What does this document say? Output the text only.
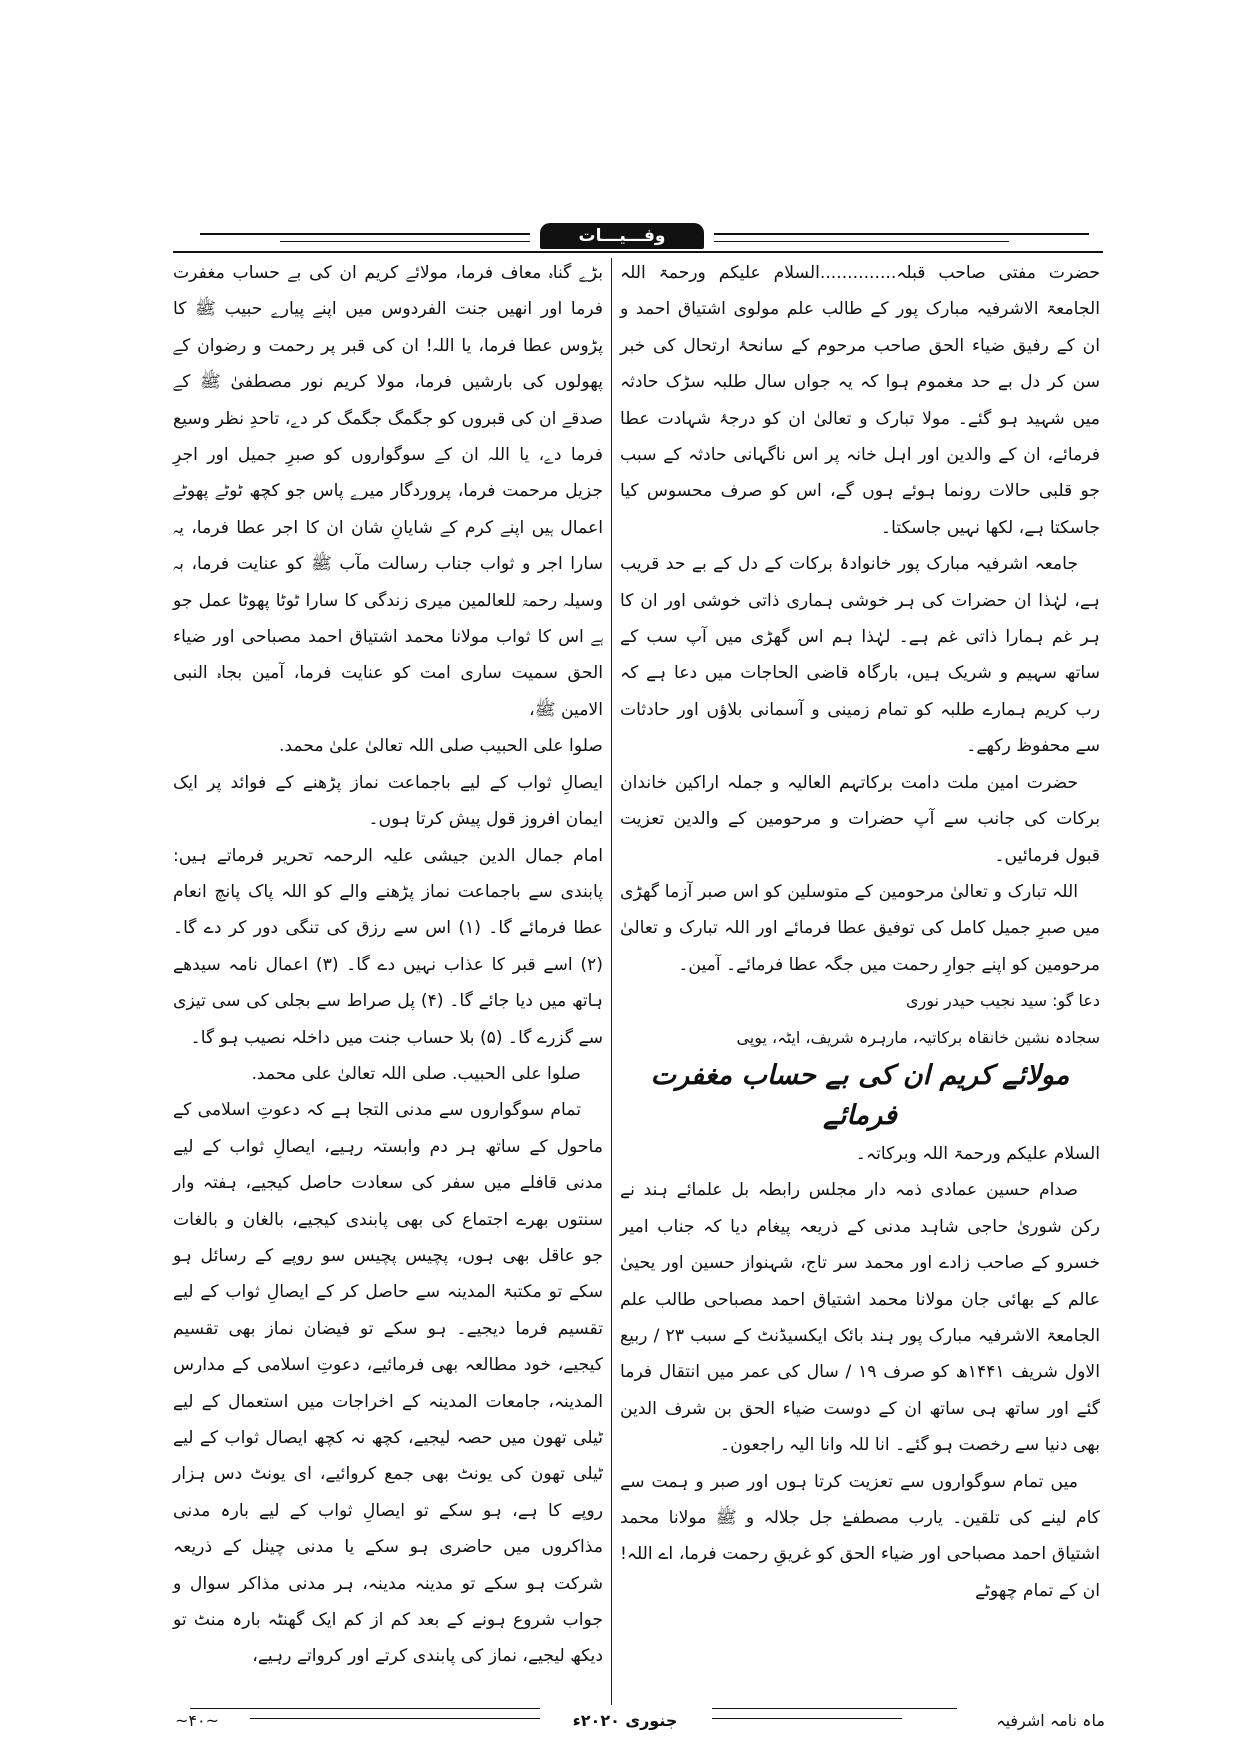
وفـــیـــات

حضرت مفتی صاحب قبلہ..............السلام علیکم ورحمۃ اللہ الجامعۃ الاشرفیہ مبارک پور کے طالب علم مولوی اشتیاق احمد و ان کے رفیق ضیاء الحق صاحب مرحوم کے سانحۂ ارتحال کی خبر سن کر دل بے حد مغموم ہوا کہ یہ جواں سال طلبہ سڑک حادثہ میں شہید ہو گئے۔ مولا تبارک و تعالیٰ ان کو درجۂ شہادت عطا فرمائے، ان کے والدین اور اہل خانہ پر اس ناگہانی حادثہ کے سبب جو قلبی حالات رونما ہوئے ہوں گے، اس کو صرف محسوس کیا جاسکتا ہے، لکھا نہیں جاسکتا۔

جامعہ اشرفیہ مبارک پور خانوادۂ برکات کے دل کے بے حد قریب ہے، لہٰذا ان حضرات کی ہر خوشی ہماری ذاتی خوشی اور ان کا ہر غم ہمارا ذاتی غم ہے۔ لہٰذا ہم اس گھڑی میں آپ سب کے ساتھ سہیم و شریک ہیں، بارگاہ قاضی الحاجات میں دعا ہے کہ رب کریم ہمارے طلبہ کو تمام زمینی و آسمانی بلاؤں اور حادثات سے محفوظ رکھے۔

حضرت امین ملت دامت برکاتہم العالیہ و جملہ اراکین خاندان برکات کی جانب سے آپ حضرات و مرحومین کے والدین تعزیت قبول فرمائیں۔

اللہ تبارک و تعالیٰ مرحومین کے متوسلین کو اس صبر آزما گھڑی میں صبرِ جمیل کامل کی توفیق عطا فرمائے اور اللہ تبارک و تعالیٰ مرحومین کو اپنے جوارِ رحمت میں جگہ عطا فرمائے۔ آمین۔

دعا گو: سید نجیب حیدر نوری

سجادہ نشین خانقاہ برکاتیہ، مارہرہ شریف، ایٹہ، یوپی

مولائے کریم ان کی بے حساب مغفرت فرمائے

السلام علیکم ورحمۃ اللہ وبرکاتہ۔

صدام حسین عمادی ذمہ دار مجلس رابطہ بل علمائے ہند نے رکن شوریٰ حاجی شاہد مدنی کے ذریعہ پیغام دیا کہ جناب امیر خسرو کے صاحب زادے اور محمد سر تاج، شہنواز حسین اور یحییٰ عالم کے بھائی جان مولانا محمد اشتیاق احمد مصباحی طالب علم الجامعۃ الاشرفیہ مبارک پور ہند بائک ایکسیڈنٹ کے سبب ۲۳ / ربیع الاول شریف ۱۴۴۱ھ کو صرف ۱۹ / سال کی عمر میں انتقال فرما گئے اور ساتھ ہی ساتھ ان کے دوست ضیاء الحق بن شرف الدین بھی دنیا سے رخصت ہو گئے۔ انا للہ وانا الیہ راجعون۔

میں تمام سوگواروں سے تعزیت کرتا ہوں اور صبر و ہمت سے کام لینے کی تلقین۔ یارب مصطفےٰ جل جلالہ و ﷺ مولانا محمد اشتیاق احمد مصباحی اور ضیاء الحق کو غریقِ رحمت فرما، اے اللہ! ان کے تمام چھوٹے

بڑے گناہ معاف فرما، مولائے کریم ان کی بے حساب مغفرت فرما اور انھیں جنت الفردوس میں اپنے پیارے حبیب ﷺ کا پڑوس عطا فرما، یا اللہ! ان کی قبر پر رحمت و رضوان کے پھولوں کی بارشیں فرما، مولا کریم نور مصطفیٰ ﷺ کے صدقے ان کی قبروں کو جگمگ جگمگ کر دے، تاحدِ نظر وسیع فرما دے، یا اللہ ان کے سوگواروں کو صبرِ جمیل اور اجرِ جزیل مرحمت فرما، پروردگار میرے پاس جو کچھ ٹوٹے پھوٹے اعمال ہیں اپنے کرم کے شایانِ شان ان کا اجر عطا فرما، یہ سارا اجر و ثواب جناب رسالت مآب ﷺ کو عنایت فرما، بہ وسیلہ رحمۃ للعالمین میری زندگی کا سارا ٹوٹا پھوٹا عمل جو ہے اس کا ثواب مولانا محمد اشتیاق احمد مصباحی اور ضیاء الحق سمیت ساری امت کو عنایت فرما، آمین بجاہ النبی الامین ﷺ،

صلوا علی الحبیب صلی اللہ تعالیٰ علیٰ محمد.

ایصالِ ثواب کے لیے باجماعت نماز پڑھنے کے فوائد پر ایک ایمان افروز قول پیش کرتا ہوں۔

امام جمال الدین جیشی علیہ الرحمہ تحریر فرماتے ہیں: پابندی سے باجماعت نماز پڑھنے والے کو اللہ پاک پانچ انعام عطا فرمائے گا۔ (۱) اس سے رزق کی تنگی دور کر دے گا۔ (۲) اسے قبر کا عذاب نہیں دے گا۔ (۳) اعمال نامہ سیدھے ہاتھ میں دیا جائے گا۔ (۴) پل صراط سے بجلی کی سی تیزی سے گزرے گا۔ (۵) بلا حساب جنت میں داخلہ نصیب ہو گا۔

صلوا علی الحبیب. صلی اللہ تعالیٰ علی محمد.

تمام سوگواروں سے مدنی التجا ہے کہ دعوتِ اسلامی کے ماحول کے ساتھ ہر دم وابستہ رہیے، ایصالِ ثواب کے لیے مدنی قافلے میں سفر کی سعادت حاصل کیجیے، ہفتہ وار سنتوں بھرے اجتماع کی بھی پابندی کیجیے، بالغان و بالغات جو عاقل بھی ہوں، پچیس پچیس سو روپے کے رسائل ہو سکے تو مکتبۃ المدینہ سے حاصل کر کے ایصالِ ثواب کے لیے تقسیم فرما دیجیے۔ ہو سکے تو فیضان نماز بھی تقسیم کیجیے، خود مطالعہ بھی فرمائیے، دعوتِ اسلامی کے مدارس المدینہ، جامعات المدینہ کے اخراجات میں استعمال کے لیے ٹیلی تھون میں حصہ لیجیے، کچھ نہ کچھ ایصال ثواب کے لیے ٹیلی تھون کی یونٹ بھی جمع کروائیے، ای یونٹ دس ہزار روپے کا ہے، ہو سکے تو ایصالِ ثواب کے لیے بارہ مدنی مذاکروں میں حاضری ہو سکے یا مدنی چینل کے ذریعہ شرکت ہو سکے تو مدینہ مدینہ، ہر مدنی مذاکر سوال و جواب شروع ہونے کے بعد کم از کم ایک گھنٹہ بارہ منٹ تو دیکھ لیجیے، نماز کی پابندی کرتے اور کرواتے رہیے،

ماہ نامہ اشرفیہ
جنوری ۲۰۲۰ء
~۴۰~
